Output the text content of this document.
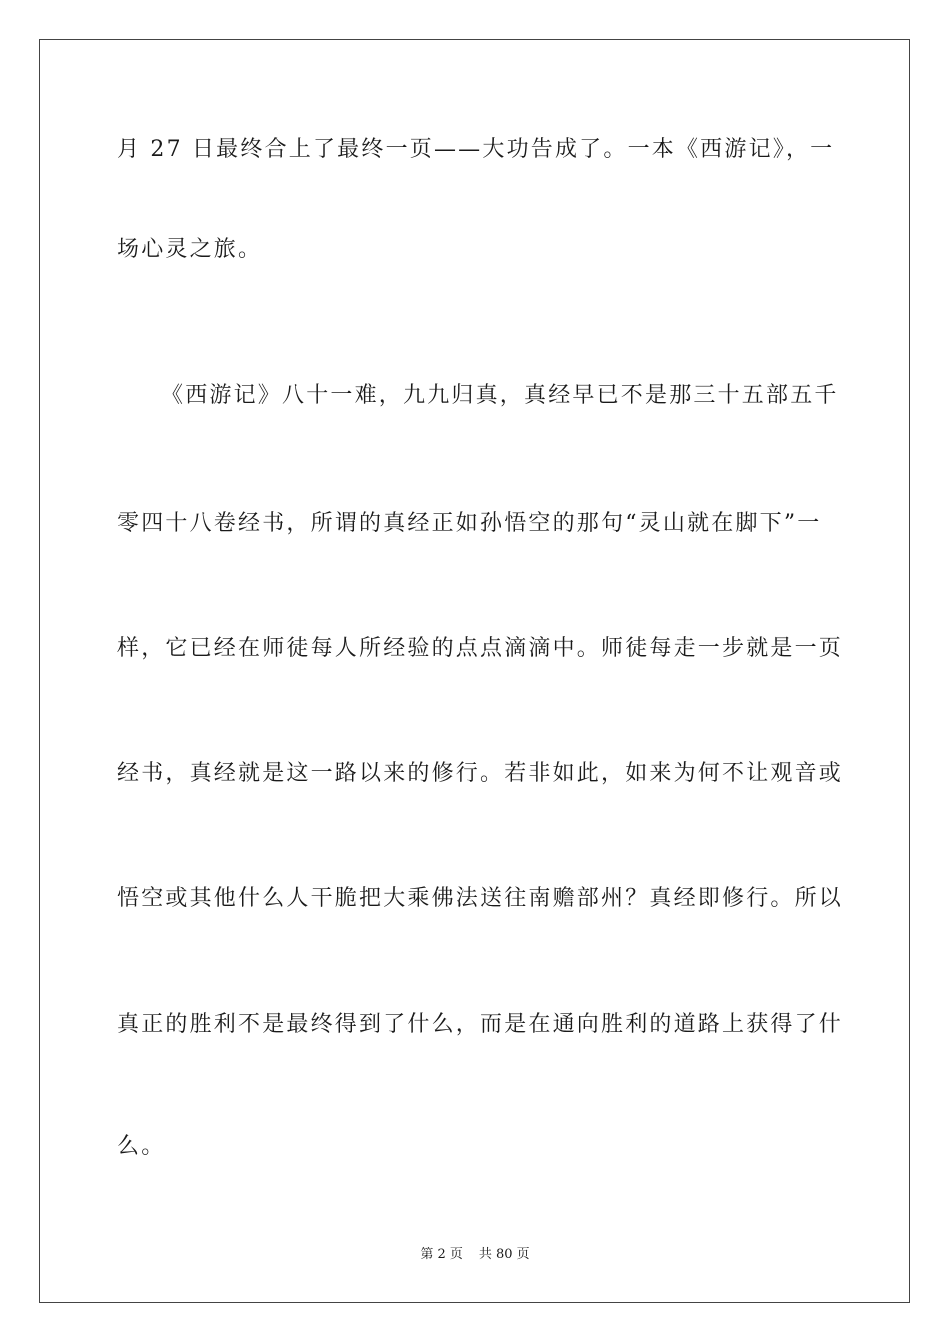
月 27 日最终合上了最终一页——大功告成了。一本《西游记》，一
场心灵之旅。
《西游记》八十一难，九九归真，真经早已不是那三十五部五千
零四十八卷经书，所谓的真经正如孙悟空的那句“灵山就在脚下”一
样，它已经在师徒每人所经验的点点滴滴中。师徒每走一步就是一页
经书，真经就是这一路以来的修行。若非如此，如来为何不让观音或
悟空或其他什么人干脆把大乘佛法送往南赡部州？真经即修行。所以
真正的胜利不是最终得到了什么，而是在通向胜利的道路上获得了什
么。
第 2 页 共 80 页
